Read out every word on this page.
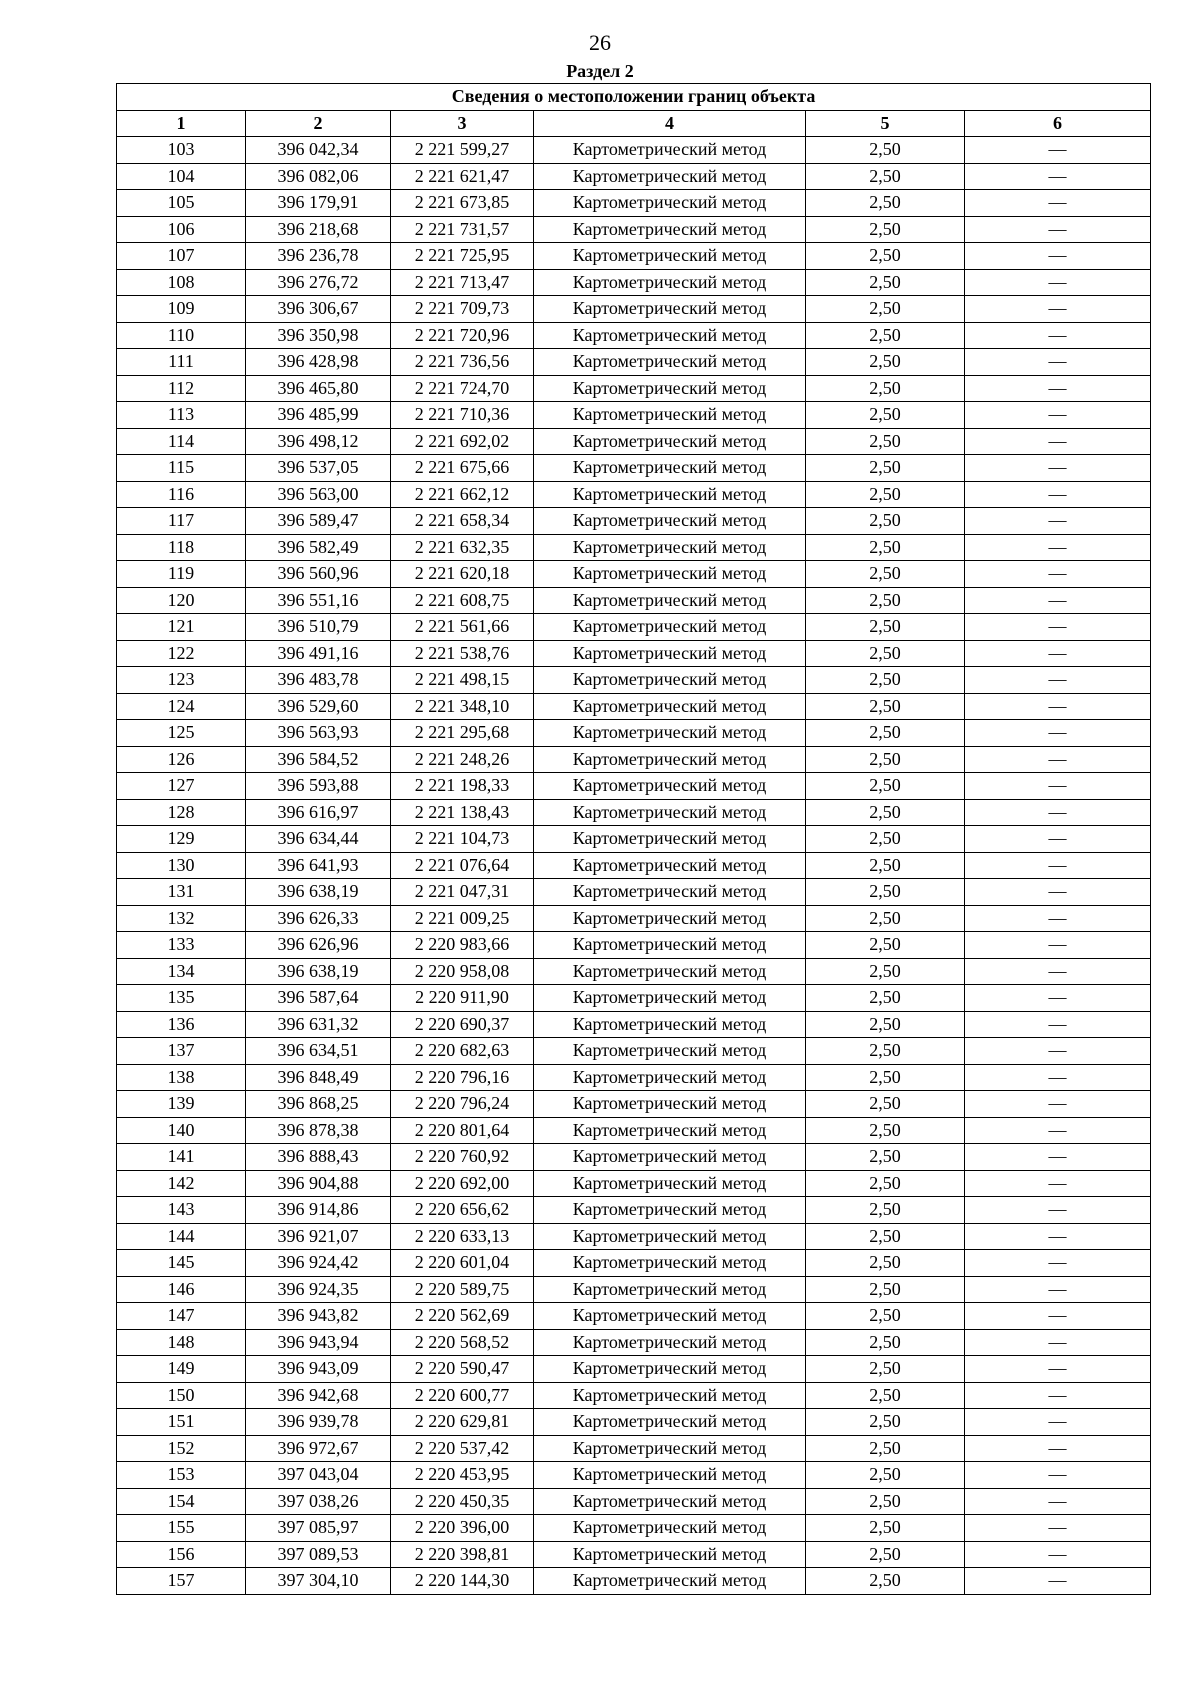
26
Раздел 2
Сведения о местоположении границ объекта					
1	2	3	4	5	6
103	396 042,34	2 221 599,27	Картометрический метод	2,50	—
104	396 082,06	2 221 621,47	Картометрический метод	2,50	—
105	396 179,91	2 221 673,85	Картометрический метод	2,50	—
106	396 218,68	2 221 731,57	Картометрический метод	2,50	—
107	396 236,78	2 221 725,95	Картометрический метод	2,50	—
108	396 276,72	2 221 713,47	Картометрический метод	2,50	—
109	396 306,67	2 221 709,73	Картометрический метод	2,50	—
110	396 350,98	2 221 720,96	Картометрический метод	2,50	—
111	396 428,98	2 221 736,56	Картометрический метод	2,50	—
112	396 465,80	2 221 724,70	Картометрический метод	2,50	—
113	396 485,99	2 221 710,36	Картометрический метод	2,50	—
114	396 498,12	2 221 692,02	Картометрический метод	2,50	—
115	396 537,05	2 221 675,66	Картометрический метод	2,50	—
116	396 563,00	2 221 662,12	Картометрический метод	2,50	—
117	396 589,47	2 221 658,34	Картометрический метод	2,50	—
118	396 582,49	2 221 632,35	Картометрический метод	2,50	—
119	396 560,96	2 221 620,18	Картометрический метод	2,50	—
120	396 551,16	2 221 608,75	Картометрический метод	2,50	—
121	396 510,79	2 221 561,66	Картометрический метод	2,50	—
122	396 491,16	2 221 538,76	Картометрический метод	2,50	—
123	396 483,78	2 221 498,15	Картометрический метод	2,50	—
124	396 529,60	2 221 348,10	Картометрический метод	2,50	—
125	396 563,93	2 221 295,68	Картометрический метод	2,50	—
126	396 584,52	2 221 248,26	Картометрический метод	2,50	—
127	396 593,88	2 221 198,33	Картометрический метод	2,50	—
128	396 616,97	2 221 138,43	Картометрический метод	2,50	—
129	396 634,44	2 221 104,73	Картометрический метод	2,50	—
130	396 641,93	2 221 076,64	Картометрический метод	2,50	—
131	396 638,19	2 221 047,31	Картометрический метод	2,50	—
132	396 626,33	2 221 009,25	Картометрический метод	2,50	—
133	396 626,96	2 220 983,66	Картометрический метод	2,50	—
134	396 638,19	2 220 958,08	Картометрический метод	2,50	—
135	396 587,64	2 220 911,90	Картометрический метод	2,50	—
136	396 631,32	2 220 690,37	Картометрический метод	2,50	—
137	396 634,51	2 220 682,63	Картометрический метод	2,50	—
138	396 848,49	2 220 796,16	Картометрический метод	2,50	—
139	396 868,25	2 220 796,24	Картометрический метод	2,50	—
140	396 878,38	2 220 801,64	Картометрический метод	2,50	—
141	396 888,43	2 220 760,92	Картометрический метод	2,50	—
142	396 904,88	2 220 692,00	Картометрический метод	2,50	—
143	396 914,86	2 220 656,62	Картометрический метод	2,50	—
144	396 921,07	2 220 633,13	Картометрический метод	2,50	—
145	396 924,42	2 220 601,04	Картометрический метод	2,50	—
146	396 924,35	2 220 589,75	Картометрический метод	2,50	—
147	396 943,82	2 220 562,69	Картометрический метод	2,50	—
148	396 943,94	2 220 568,52	Картометрический метод	2,50	—
149	396 943,09	2 220 590,47	Картометрический метод	2,50	—
150	396 942,68	2 220 600,77	Картометрический метод	2,50	—
151	396 939,78	2 220 629,81	Картометрический метод	2,50	—
152	396 972,67	2 220 537,42	Картометрический метод	2,50	—
153	397 043,04	2 220 453,95	Картометрический метод	2,50	—
154	397 038,26	2 220 450,35	Картометрический метод	2,50	—
155	397 085,97	2 220 396,00	Картометрический метод	2,50	—
156	397 089,53	2 220 398,81	Картометрический метод	2,50	—
157	397 304,10	2 220 144,30	Картометрический метод	2,50	—
